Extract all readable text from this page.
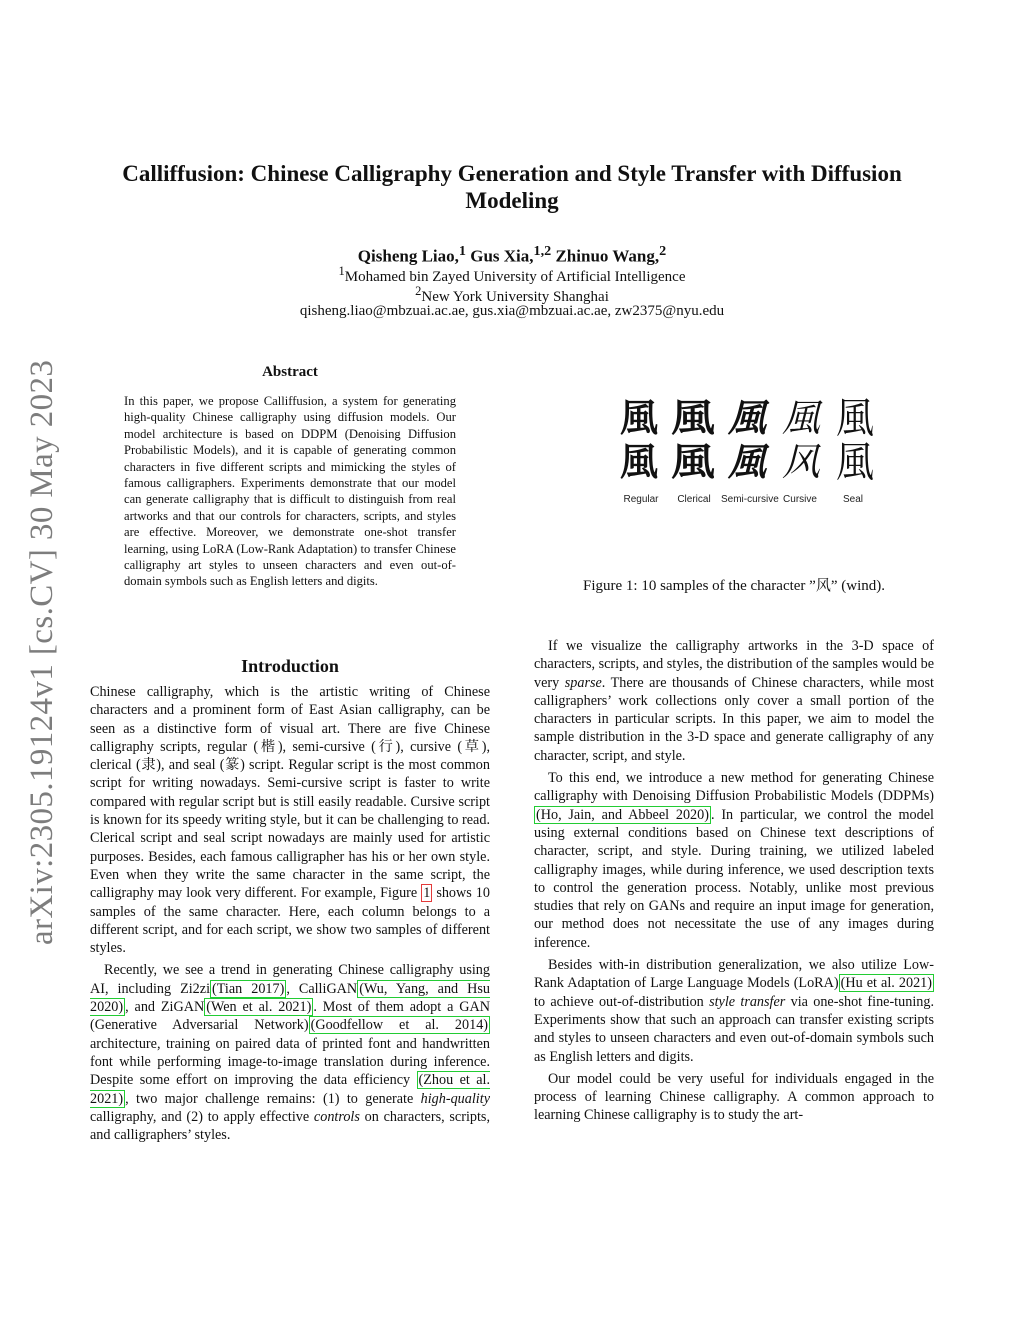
Calliffusion: Chinese Calligraphy Generation and Style Transfer with Diffusion Modeling
Qisheng Liao,$^1$ Gus Xia,$^{1,2}$ Zhinuo Wang,$^2$
$^1$Mohamed bin Zayed University of Artificial Intelligence
$^2$New York University Shanghai
qisheng.liao@mbzuai.ac.ae, gus.xia@mbzuai.ac.ae, zw2375@nyu.edu
arXiv:2305.19124v1 [cs.CV] 30 May 2023	Abstract
In this paper, we propose Calliffusion, a system for generating high-quality Chinese calligraphy using diffusion models. Our model architecture is based on DDPM (Denoising Diffusion Probabilistic Models), and it is capable of generating common characters in five different scripts and mimicking the styles of famous calligraphers. Experiments demonstrate that our model can generate calligraphy that is difficult to distinguish from real artworks and that our controls for characters, scripts, and styles are effective. Moreover, we demonstrate one-shot transfer learning, using LoRA (Low-Rank Adaptation) to transfer Chinese calligraphy art styles to unseen characters and even out-of-domain symbols such as English letters and digits.
Introduction

Chinese calligraphy, which is the artistic writing of Chinese characters and a prominent form of East Asian calligraphy, can be seen as a distinctive form of visual art. There are five Chinese calligraphy scripts, regular (楷), semi-cursive (行), cursive (草), clerical (隶), and seal (篆) script. Regular script is the most common script for writing nowadays. Semi-cursive script is faster to write compared with regular script but is still easily readable. Cursive script is known for its speedy writing style, but it can be challenging to read. Clerical script and seal script nowadays are mainly used for artistic purposes. Besides, each famous calligrapher has his or her own style. Even when they write the same character in the same script, the calligraphy may look very different. For example, Figure 1 shows 10 samples of the same character. Here, each column belongs to a different script, and for each script, we show two samples of different styles.

Recently, we see a trend in generating Chinese calligraphy using AI, including Zi2zi (Tian 2017) , CalliGAN (Wu, Yang, and Hsu 2020) , and ZiGAN (Wen et al. 2021) . Most of them adopt a GAN (Generative Adversarial Network) (Goodfellow et al. 2014) architecture, training on paired data of printed font and handwritten font while performing image-to-image translation during inference. Despite some effort on improving the data efficiency (Zhou et al. 2021) , two major challenge remains: (1) to generate high-quality calligraphy, and (2) to apply effective controls on characters, scripts, and calligraphers’ styles.

風 風 風 風 風
風 風 風 风 風
Regular	Clerical	Semi-cursive Cursive	Seal
Figure 1: 10 samples of the character ”风” (wind).

If we visualize the calligraphy artworks in the 3-D space of characters, scripts, and styles, the distribution of the samples would be very sparse. There are thousands of Chinese characters, while most calligraphers’ work collections only cover a small portion of the characters in particular scripts. In this paper, we aim to model the sample distribution in the 3-D space and generate calligraphy of any character, script, and style.

To this end, we introduce a new method for generating Chinese calligraphy with Denoising Diffusion Probabilistic Models (DDPMs)(Ho, Jain, and Abbeel 2020) . In particular, we control the model using external conditions based on Chinese text descriptions of character, script, and style. During training, we utilized labeled calligraphy images, while during inference, we used description texts to control the generation process. Notably, unlike most previous studies that rely on GANs and require an input image for generation, our method does not necessitate the use of any images during inference.

Besides with-in distribution generalization, we also utilize Low-Rank Adaptation of Large Language Models (LoRA) (Hu et al. 2021) to achieve out-of-distribution style transfer via one-shot fine-tuning. Experiments show that such an approach can transfer existing scripts and styles to unseen characters and even out-of-domain symbols such as English letters and digits.

Our model could be very useful for individuals engaged in the process of learning Chinese calligraphy. A common approach to learning Chinese calligraphy is to study the art-
